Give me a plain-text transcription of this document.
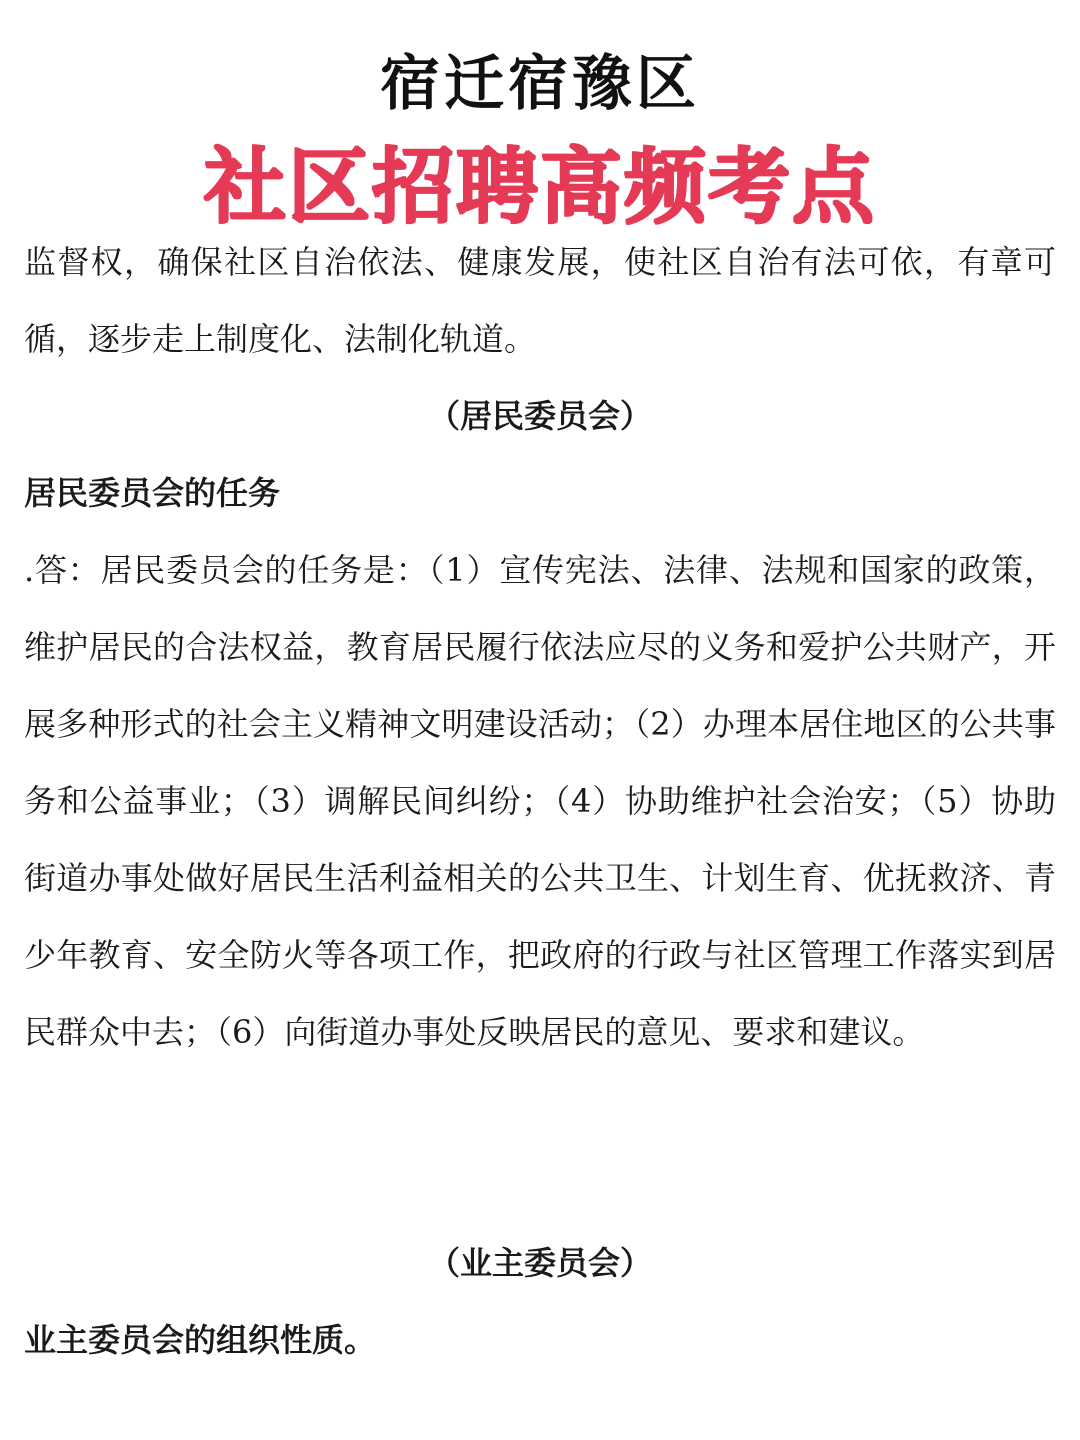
宿迁宿豫区
社区招聘高频考点

监督权，确保社区自治依法、健康发展，使社区自治有法可依，有章可循，逐步走上制度化、法制化轨道。

（居民委员会）

居民委员会的任务

.答：居民委员会的任务是：（1）宣传宪法、法律、法规和国家的政策，维护居民的合法权益，教育居民履行依法应尽的义务和爱护公共财产，开展多种形式的社会主义精神文明建设活动；（2）办理本居住地区的公共事务和公益事业；（3）调解民间纠纷；（4）协助维护社会治安；（5）协助街道办事处做好居民生活利益相关的公共卫生、计划生育、优抚救济、青少年教育、安全防火等各项工作，把政府的行政与社区管理工作落实到居民群众中去；（6）向街道办事处反映居民的意见、要求和建议。

（业主委员会）

业主委员会的组织性质。
